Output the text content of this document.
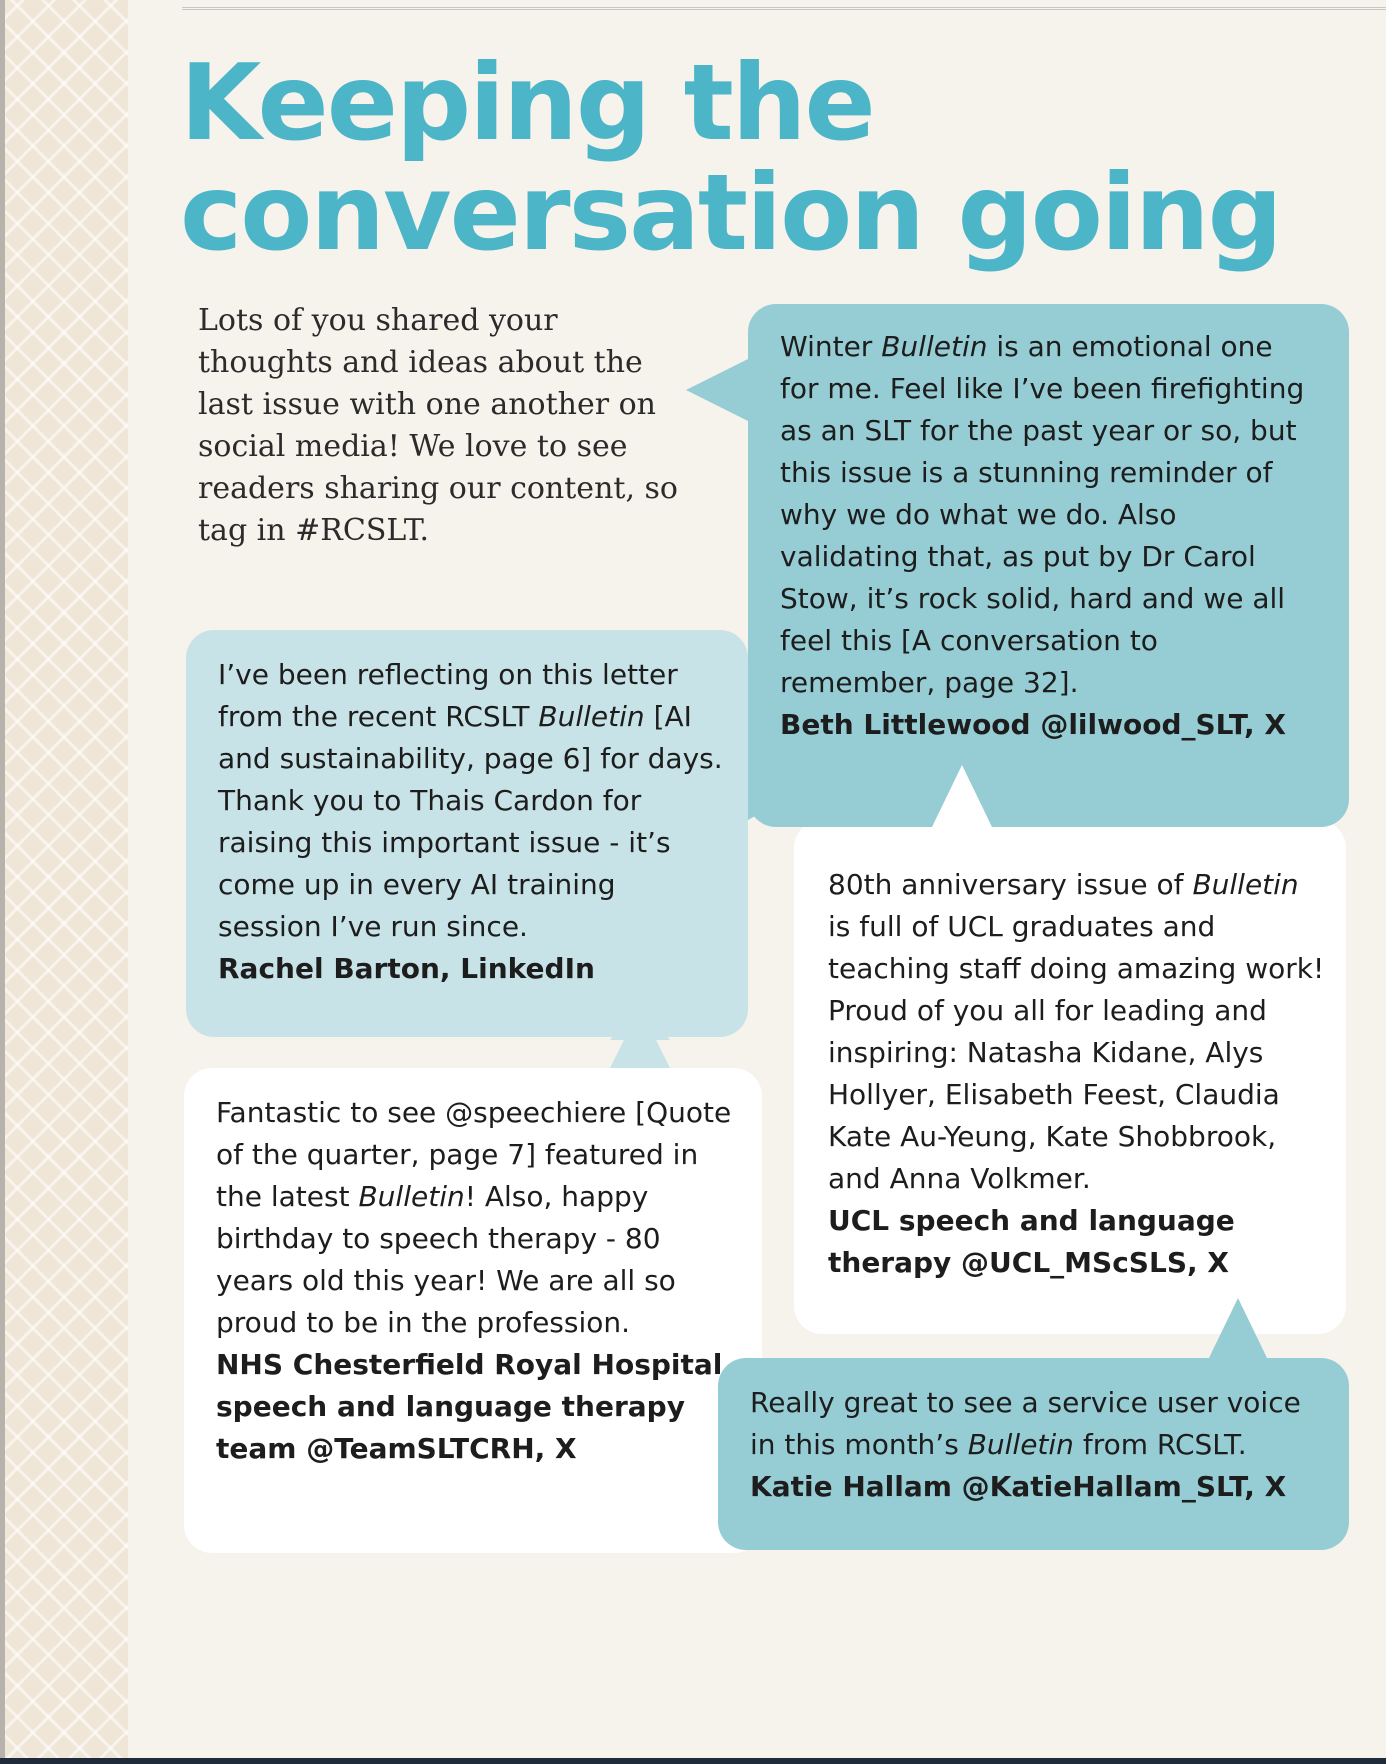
Keeping the
conversation going

Lots of you shared your thoughts and ideas about the last issue with one another on social media! We love to see readers sharing our content, so tag in #RCSLT.

I’ve been reflecting on this letter from the recent RCSLT Bulletin [AI and sustainability, page 6] for days. Thank you to Thais Cardon for raising this important issue - it’s come up in every AI training session I’ve run since.

Rachel Barton, LinkedIn

Fantastic to see @speechiere [Quote of the quarter, page 7] featured in the latest Bulletin! Also, happy birthday to speech therapy - 80 years old this year! We are all so proud to be in the profession.

NHS Chesterfield Royal Hospital speech and language therapy team @TeamSLTCRH, X

80th anniversary issue of Bulletin is full of UCL graduates and teaching staff doing amazing work! Proud of you all for leading and inspiring: Natasha Kidane, Alys Hollyer, Elisabeth Feest, Claudia Kate Au-Yeung, Kate Shobbrook, and Anna Volkmer.

UCL speech and language therapy @UCL_MScSLS, X

Winter Bulletin is an emotional one for me. Feel like I’ve been firefighting as an SLT for the past year or so, but this issue is a stunning reminder of why we do what we do. Also validating that, as put by Dr Carol Stow, it’s rock solid, hard and we all feel this [A conversation to remember, page 32].

Beth Littlewood @lilwood_SLT, X

Really great to see a service user voice in this month’s Bulletin from RCSLT.

Katie Hallam @KatieHallam_SLT, X
